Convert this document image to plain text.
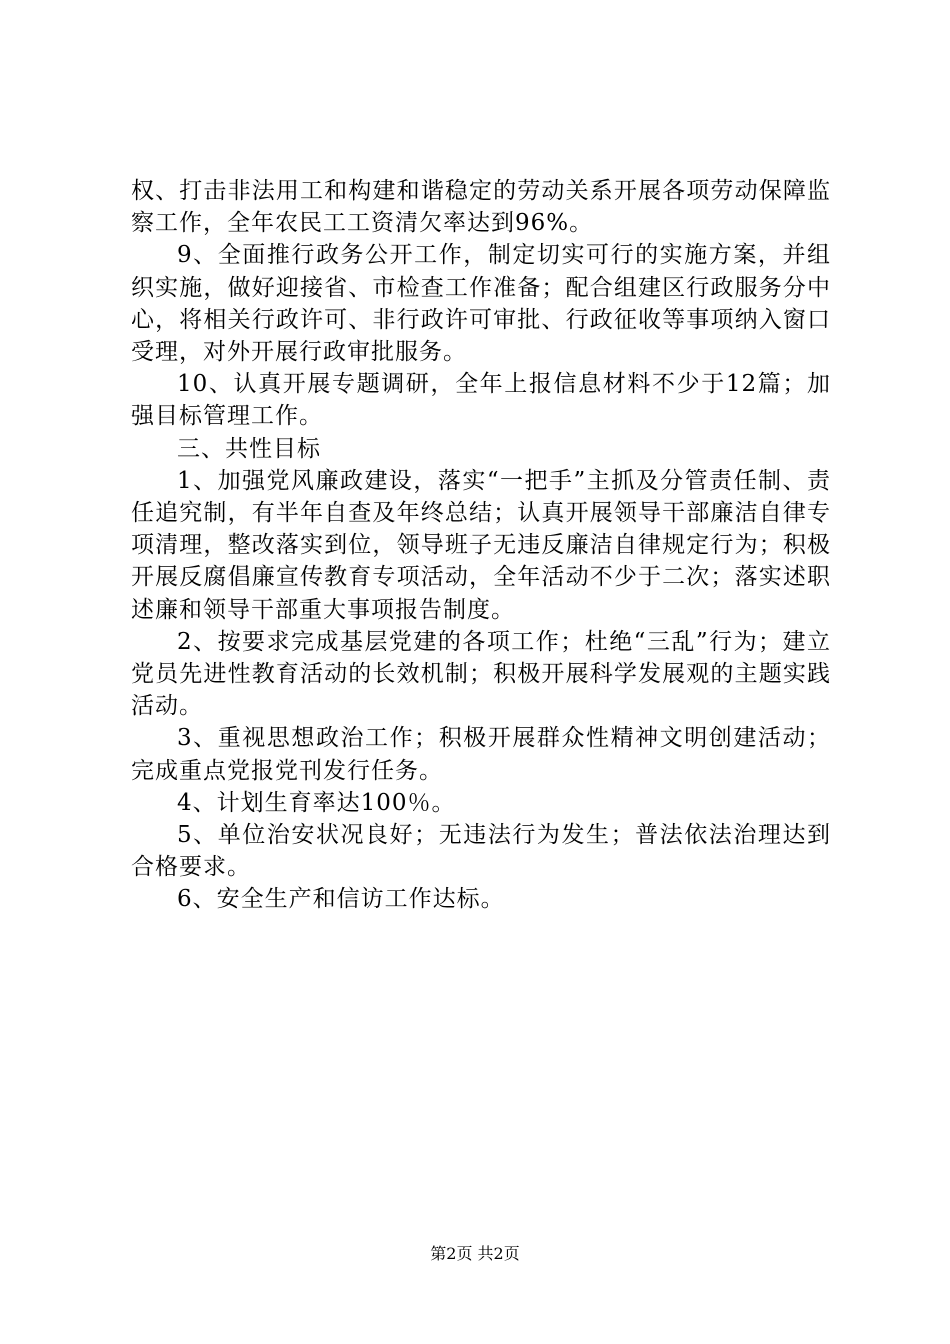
权、打击非法用工和构建和谐稳定的劳动关系开展各项劳动保障监察工作，全年农民工工资清欠率达到96%。

9、全面推行政务公开工作，制定切实可行的实施方案，并组织实施，做好迎接省、市检查工作准备；配合组建区行政服务分中心，将相关行政许可、非行政许可审批、行政征收等事项纳入窗口受理，对外开展行政审批服务。

10、认真开展专题调研，全年上报信息材料不少于12篇；加强目标管理工作。

三、共性目标

1、加强党风廉政建设，落实“一把手”主抓及分管责任制、责任追究制，有半年自查及年终总结；认真开展领导干部廉洁自律专项清理，整改落实到位，领导班子无违反廉洁自律规定行为；积极开展反腐倡廉宣传教育专项活动，全年活动不少于二次；落实述职述廉和领导干部重大事项报告制度。

2、按要求完成基层党建的各项工作；杜绝“三乱”行为；建立党员先进性教育活动的长效机制；积极开展科学发展观的主题实践活动。

3、重视思想政治工作；积极开展群众性精神文明创建活动；完成重点党报党刊发行任务。

4、计划生育率达100％。

5、单位治安状况良好；无违法行为发生；普法依法治理达到合格要求。

6、安全生产和信访工作达标。

第2页 共2页
